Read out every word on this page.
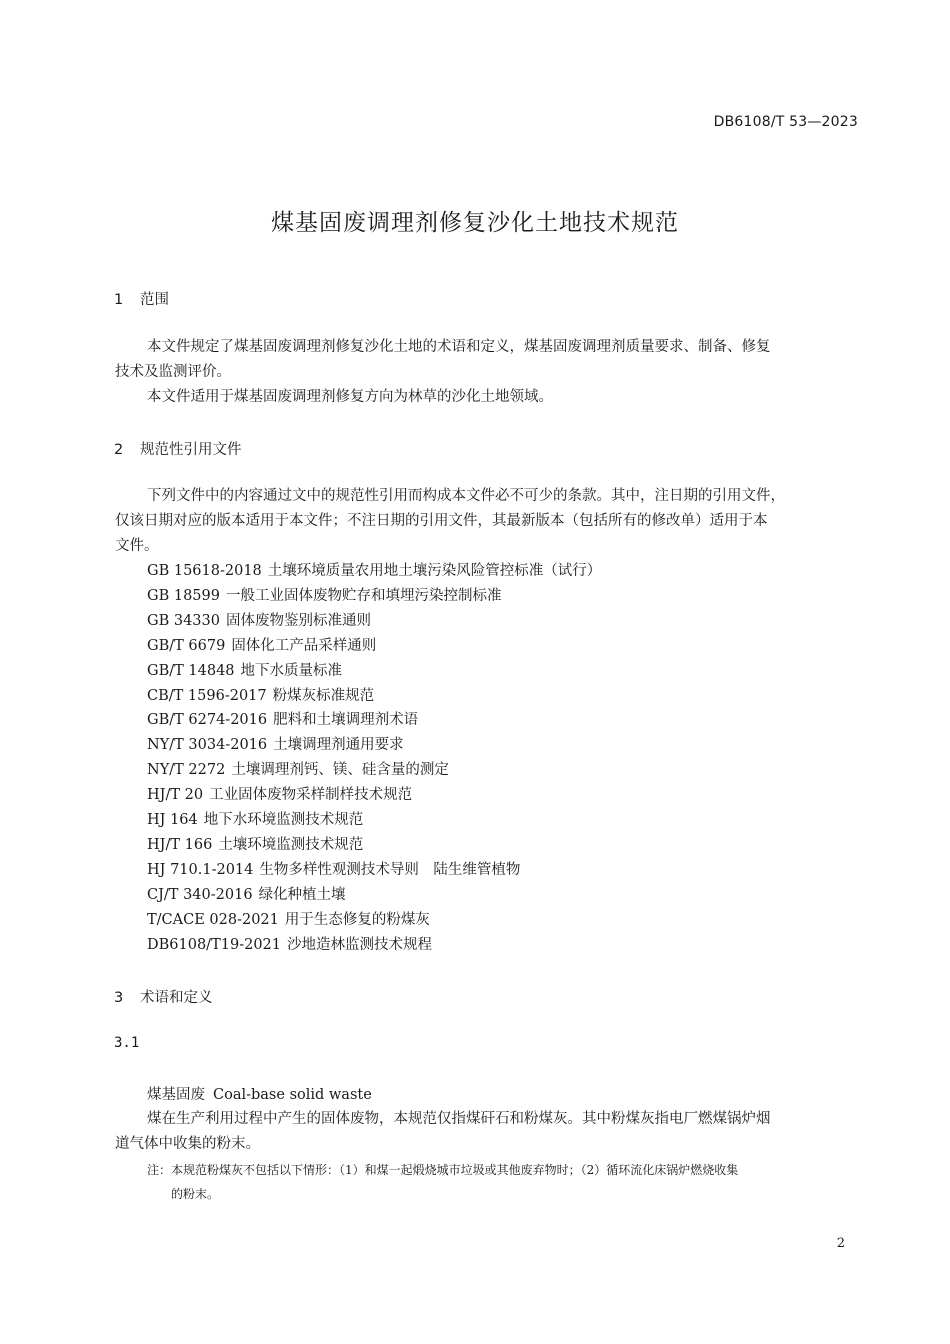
DB6108/T 53—2023
煤基固废调理剂修复沙化土地技术规范
1 范围
本文件规定了煤基固废调理剂修复沙化土地的术语和定义，煤基固废调理剂质量要求、制备、修复
技术及监测评价。
本文件适用于煤基固废调理剂修复方向为林草的沙化土地领域。
2 规范性引用文件
下列文件中的内容通过文中的规范性引用而构成本文件必不可少的条款。其中，注日期的引用文件，
仅该日期对应的版本适用于本文件；不注日期的引用文件，其最新版本（包括所有的修改单）适用于本
文件。
GB 15618-2018 土壤环境质量农用地土壤污染风险管控标准（试行）
GB 18599 一般工业固体废物贮存和填埋污染控制标准
GB 34330 固体废物鉴别标准通则
GB/T 6679 固体化工产品采样通则
GB/T 14848 地下水质量标准
CB/T 1596-2017 粉煤灰标准规范
GB/T 6274-2016 肥料和土壤调理剂术语
NY/T 3034-2016 土壤调理剂通用要求
NY/T 2272 土壤调理剂钙、镁、硅含量的测定
HJ/T 20 工业固体废物采样制样技术规范
HJ 164 地下水环境监测技术规范
HJ/T 166 土壤环境监测技术规范
HJ 710.1-2014 生物多样性观测技术导则　陆生维管植物
CJ/T 340-2016 绿化种植土壤
T/CACE 028-2021 用于生态修复的粉煤灰
DB6108/T19-2021 沙地造林监测技术规程
3 术语和定义
3.1
煤基固废 Coal-base solid waste
煤在生产利用过程中产生的固体废物，本规范仅指煤矸石和粉煤灰。其中粉煤灰指电厂燃煤锅炉烟
道气体中收集的粉末。
注：本规范粉煤灰不包括以下情形：（1）和煤一起煅烧城市垃圾或其他废弃物时；（2）循环流化床锅炉燃烧收集
的粉末。
2
